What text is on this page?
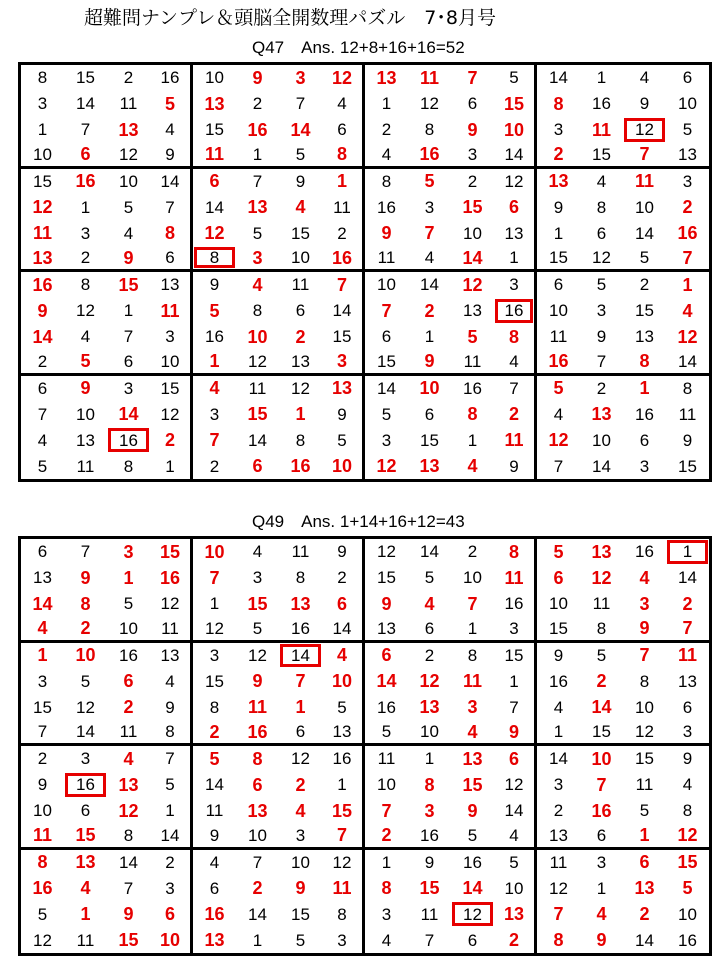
超難問ナンプレ＆頭脳全開数理パズル　7･8月号
Q47　Ans. 12+8+16+16=52
8	15	2	16	10	9	3	12	13	11	7	5	14	1	4	6
3	14	11	5	13	2	7	4	1	12	6	15	8	16	9	10
1	7	13	4	15	16	14	6	2	8	9	10	3	11	12	5
10	6	12	9	11	1	5	8	4	16	3	14	2	15	7	13
15	16	10	14	6	7	9	1	8	5	2	12	13	4	11	3
12	1	5	7	14	13	4	11	16	3	15	6	9	8	10	2
11	3	4	8	12	5	15	2	9	7	10	13	1	6	14	16
13	2	9	6	8	3	10	16	11	4	14	1	15	12	5	7
16	8	15	13	9	4	11	7	10	14	12	3	6	5	2	1
9	12	1	11	5	8	6	14	7	2	13	16	10	3	15	4
14	4	7	3	16	10	2	15	6	1	5	8	11	9	13	12
2	5	6	10	1	12	13	3	15	9	11	4	16	7	8	14
6	9	3	15	4	11	12	13	14	10	16	7	5	2	1	8
7	10	14	12	3	15	1	9	5	6	8	2	4	13	16	11
4	13	16	2	7	14	8	5	3	15	1	11	12	10	6	9
5	11	8	1	2	6	16	10	12	13	4	9	7	14	3	15
Q49　Ans. 1+14+16+12=43
6	7	3	15	10	4	11	9	12	14	2	8	5	13	16	1
13	9	1	16	7	3	8	2	15	5	10	11	6	12	4	14
14	8	5	12	1	15	13	6	9	4	7	16	10	11	3	2
4	2	10	11	12	5	16	14	13	6	1	3	15	8	9	7
1	10	16	13	3	12	14	4	6	2	8	15	9	5	7	11
3	5	6	4	15	9	7	10	14	12	11	1	16	2	8	13
15	12	2	9	8	11	1	5	16	13	3	7	4	14	10	6
7	14	11	8	2	16	6	13	5	10	4	9	1	15	12	3
2	3	4	7	5	8	12	16	11	1	13	6	14	10	15	9
9	16	13	5	14	6	2	1	10	8	15	12	3	7	11	4
10	6	12	1	11	13	4	15	7	3	9	14	2	16	5	8
11	15	8	14	9	10	3	7	2	16	5	4	13	6	1	12
8	13	14	2	4	7	10	12	1	9	16	5	11	3	6	15
16	4	7	3	6	2	9	11	8	15	14	10	12	1	13	5
5	1	9	6	16	14	15	8	3	11	12	13	7	4	2	10
12	11	15	10	13	1	5	3	4	7	6	2	8	9	14	16
